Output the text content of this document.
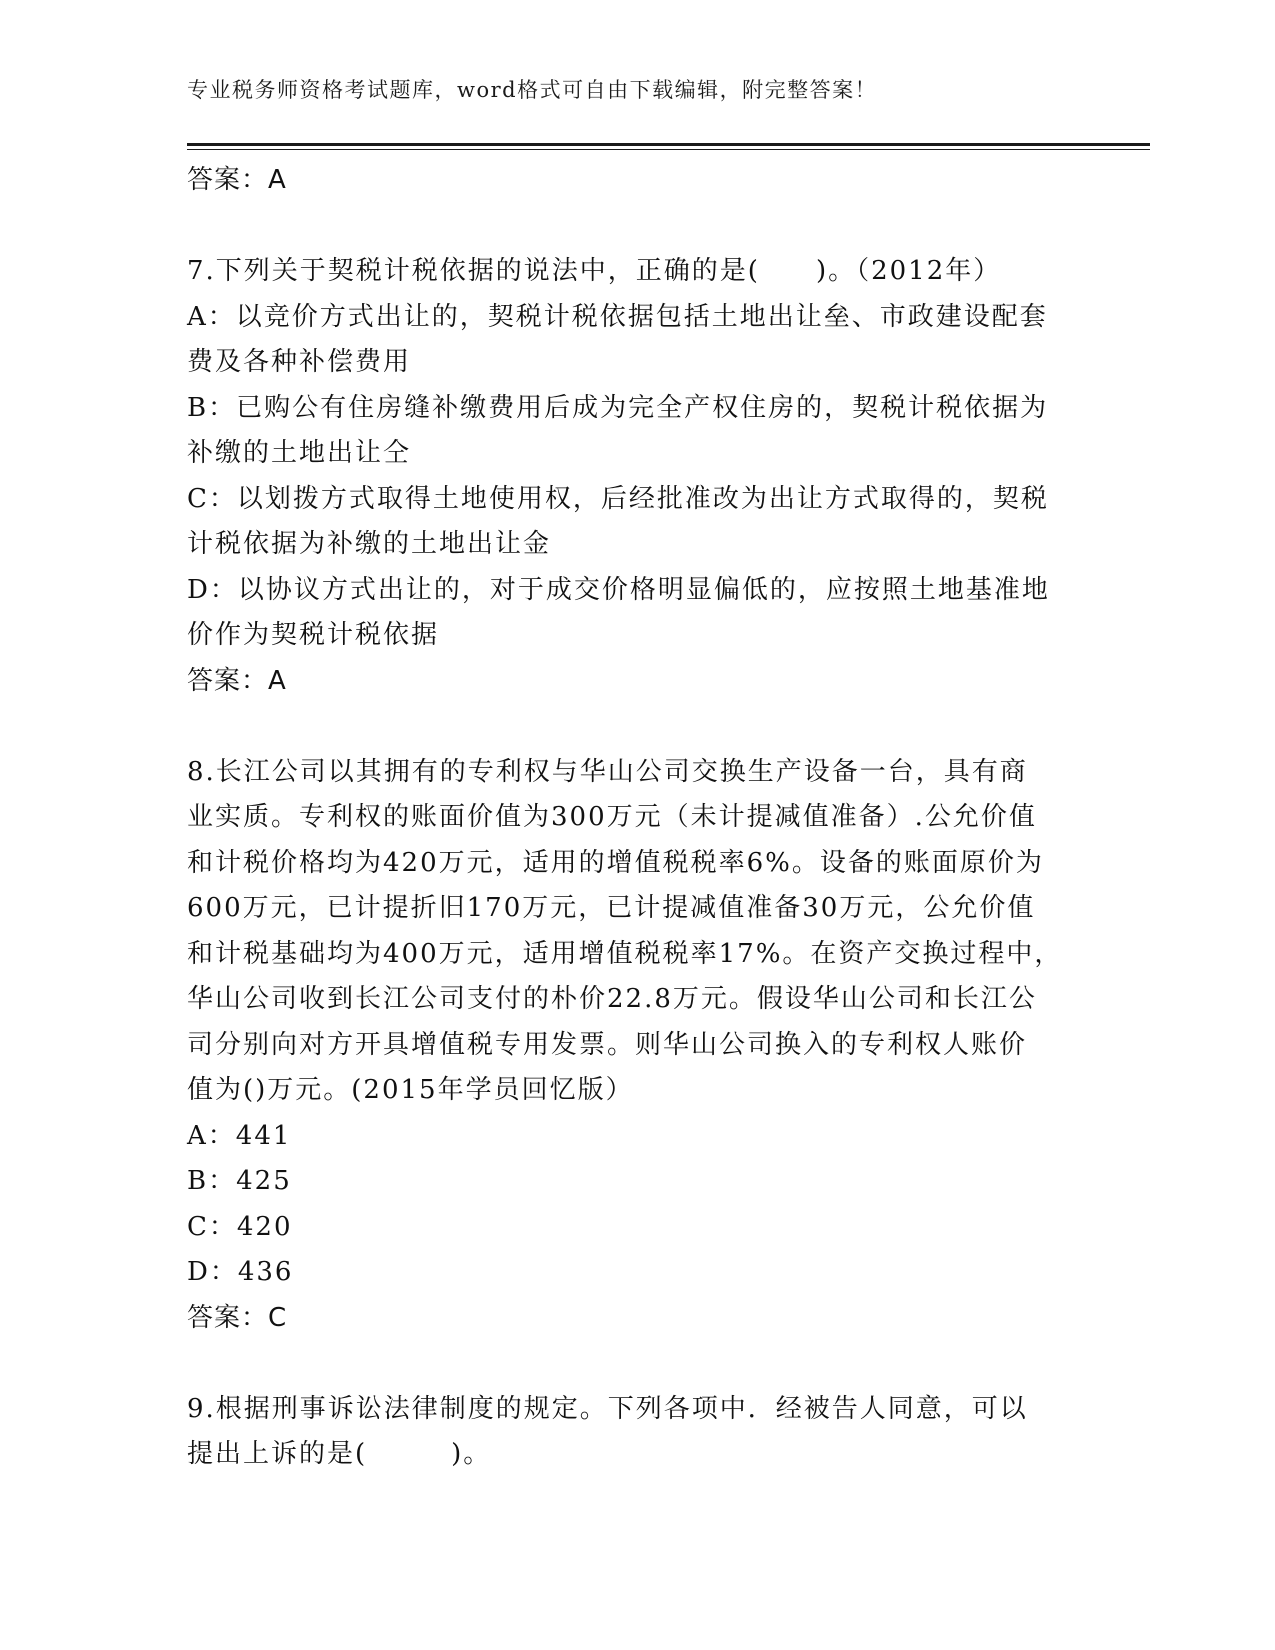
专业税务师资格考试题库，word格式可自由下载编辑，附完整答案！
答案：A
7.下列关于契税计税依据的说法中，正确的是(　　)。（2012年）
A：以竞价方式出让的，契税计税依据包括土地出让垒、市政建设配套
费及各种补偿费用
B：已购公有住房缝补缴费用后成为完全产权住房的，契税计税依据为
补缴的土地出让仝
C：以划拨方式取得土地使用权，后经批准改为出让方式取得的，契税
计税依据为补缴的土地出让金
D：以协议方式出让的，对于成交价格明显偏低的，应按照土地基准地
价作为契税计税依据
答案：A
8.长江公司以其拥有的专利权与华山公司交换生产设备一台，具有商
业实质。专利权的账面价值为300万元（未计提减值准备）.公允价值
和计税价格均为420万元，适用的增值税税率6%。设备的账面原价为
600万元，已计提折旧170万元，已计提减值准备30万元，公允价值
和计税基础均为400万元，适用增值税税率17%。在资产交换过程中，
华山公司收到长江公司支付的朴价22.8万元。假设华山公司和长江公
司分别向对方开具增值税专用发票。则华山公司换入的专利权人账价
值为()万元。(2015年学员回忆版）
A：441
B：425
C：420
D：436
答案：C
9.根据刑事诉讼法律制度的规定。下列各项中．经被告人同意，可以
提出上诉的是(　　　)。
